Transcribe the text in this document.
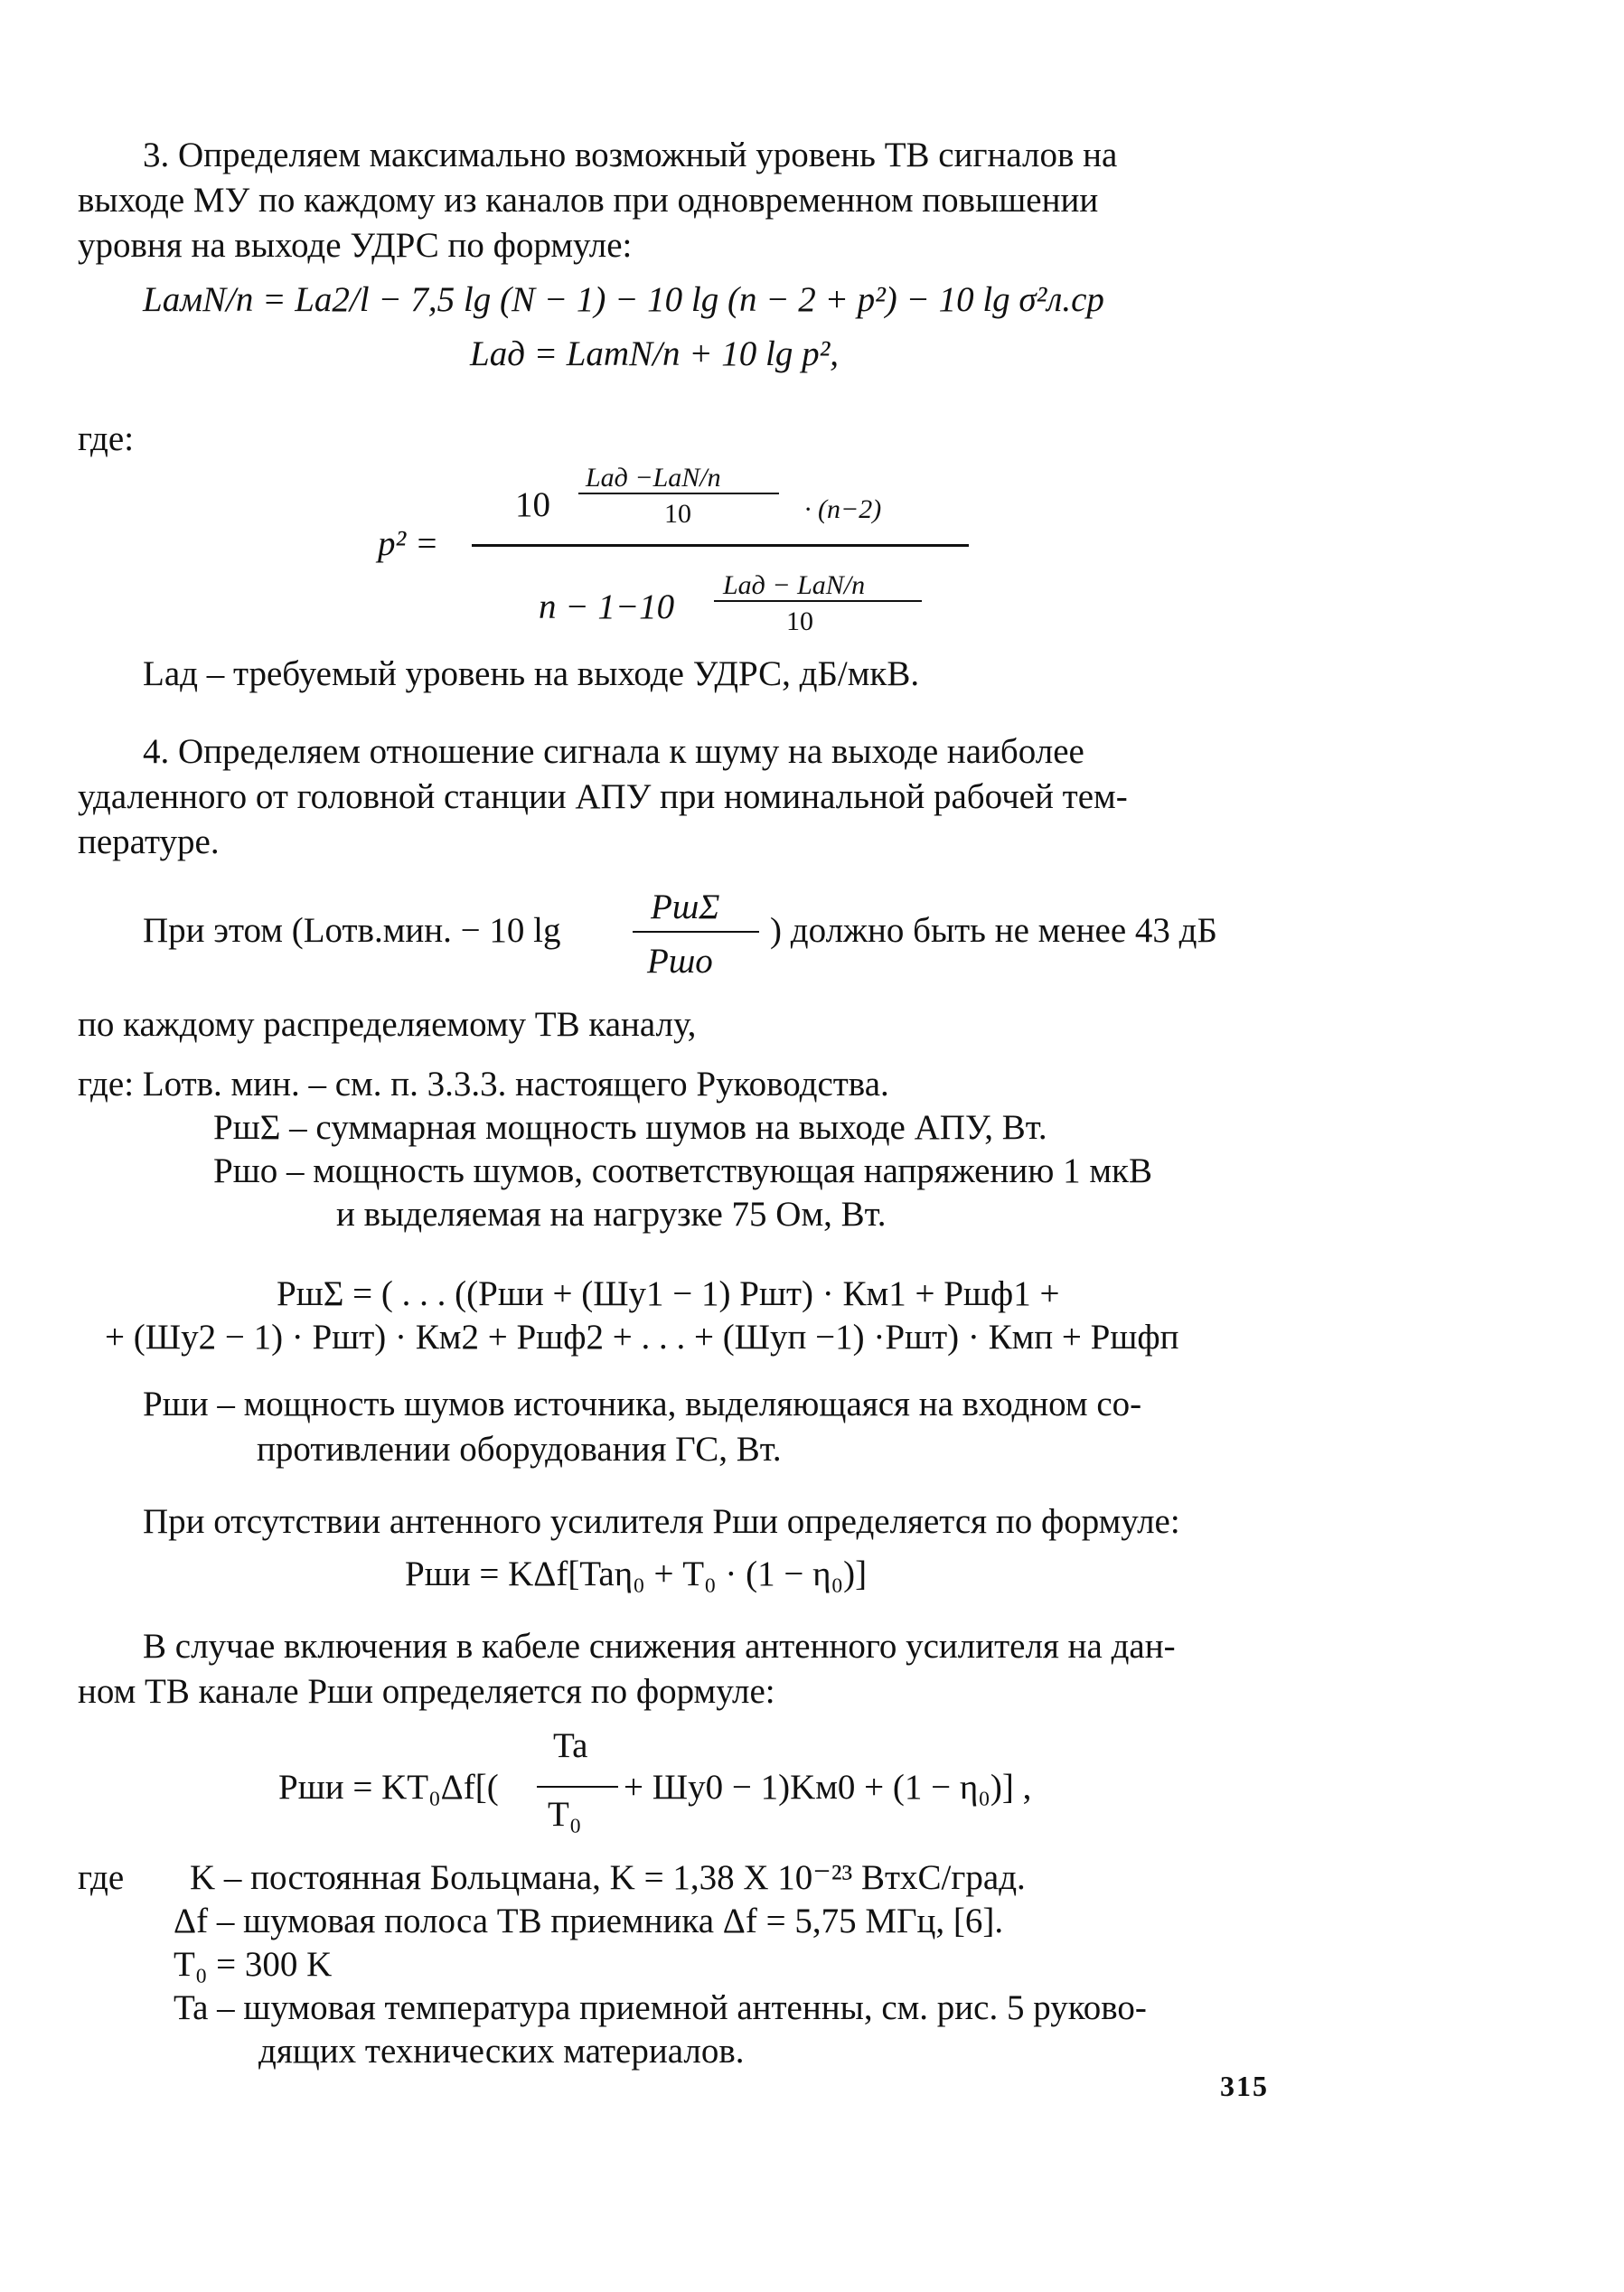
3. Определяем максимально возможный уровень ТВ сигналов на
выходе МУ по каждому из каналов при одновременном повышении
уровня на выходе УДРС по формуле:
LaмN/n = La2/l − 7,5 lg (N − 1) − 10 lg (n − 2 + p²) − 10 lg σ²л.ср
Lад = LamN/n + 10 lg p²,
где:
p² =
10
Lад −LaN/n
10	· (n−2)
n − 1−10
Lад − LaN/n
10
Lад – требуемый уровень на выходе УДРС, дБ/мкВ.
4. Определяем отношение сигнала к шуму на выходе наиболее
удаленного от головной станции АПУ при номинальной рабочей тем-
пературе.
При этом (Lотв.мин. − 10 lg
PшΣ
Pшо
) должно быть не менее 43 дБ
по каждому распределяемому ТВ каналу,
где: Lотв. мин. – см. п. 3.3.3. настоящего Руководства.
PшΣ – суммарная мощность шумов на выходе АПУ, Вт.
Pшо – мощность шумов, соответствующая напряжению 1 мкВ
и выделяемая на нагрузке 75 Ом, Вт.
PшΣ = ( . . . ((Pши + (Шу1 − 1) Pшт) · Км1 + Pшф1 +
+ (Шу2 − 1) · Pшт) · Км2 + Pшф2 + . . . + (Шуп −1) ·Pшт) · Кмп + Pшфп
Pши – мощность шумов источника, выделяющаяся на входном со-
противлении оборудования ГС, Вт.
При отсутствии антенного усилителя Pши определяется по формуле:
Pши = KΔf[Taη₀ + T₀ · (1 − η₀)]
В случае включения в кабеле снижения антенного усилителя на дан-
ном ТВ канале Pши определяется по формуле:
Pши = KT₀Δf[(
Ta
T₀
+ Шу0 − 1)Kм0 + (1 − η₀)] ,
где K – постоянная Больцмана, K = 1,38 X 10⁻²³ ВтхС/град.
Δf – шумовая полоса ТВ приемника Δf = 5,75 МГц, [6].
T₀ = 300 K
Ta – шумовая температура приемной антенны, см. рис. 5 руково-
дящих технических материалов.
315
